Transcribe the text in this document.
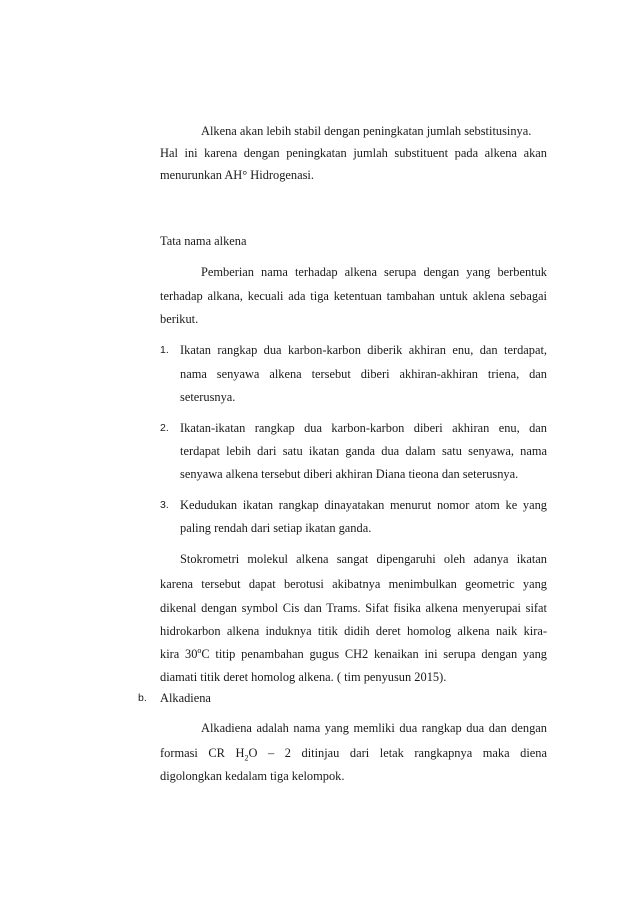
Alkena akan lebih stabil dengan peningkatan jumlah sebstitusinya.
Hal ini karena dengan peningkatan jumlah substituent pada alkena akan
menurunkan AH° Hidrogenasi.
Tata nama alkena
Pemberian nama terhadap alkena serupa dengan yang berbentuk
terhadap alkana, kecuali ada tiga ketentuan tambahan untuk aklena sebagai
berikut.
1. Ikatan rangkap dua karbon-karbon diberik akhiran enu, dan terdapat,
nama senyawa alkena tersebut diberi akhiran-akhiran triena, dan
seterusnya.
2. Ikatan-ikatan rangkap dua karbon-karbon diberi akhiran enu, dan
terdapat lebih dari satu ikatan ganda dua dalam satu senyawa, nama
senyawa alkena tersebut diberi akhiran Diana tieona dan seterusnya.
3. Kedudukan ikatan rangkap dinayatakan menurut nomor atom ke yang
paling rendah dari setiap ikatan ganda.
Stokrometri molekul alkena sangat dipengaruhi oleh adanya ikatan
karena tersebut dapat berotusi akibatnya menimbulkan geometric yang
dikenal dengan symbol Cis dan Trams. Sifat fisika alkena menyerupai sifat
hidrokarbon alkena induknya titik didih deret homolog alkena naik kira-
kira 30$^o$C titip penambahan gugus CH2 kenaikan ini serupa dengan yang
diamati titik deret homolog alkena. ( tim penyusun 2015).
b. Alkadiena
Alkadiena adalah nama yang memliki dua rangkap dua dan dengan
formasi CR $H_2O - 2$ ditinjau dari letak rangkapnya maka diena
digolongkan kedalam tiga kelompok.
